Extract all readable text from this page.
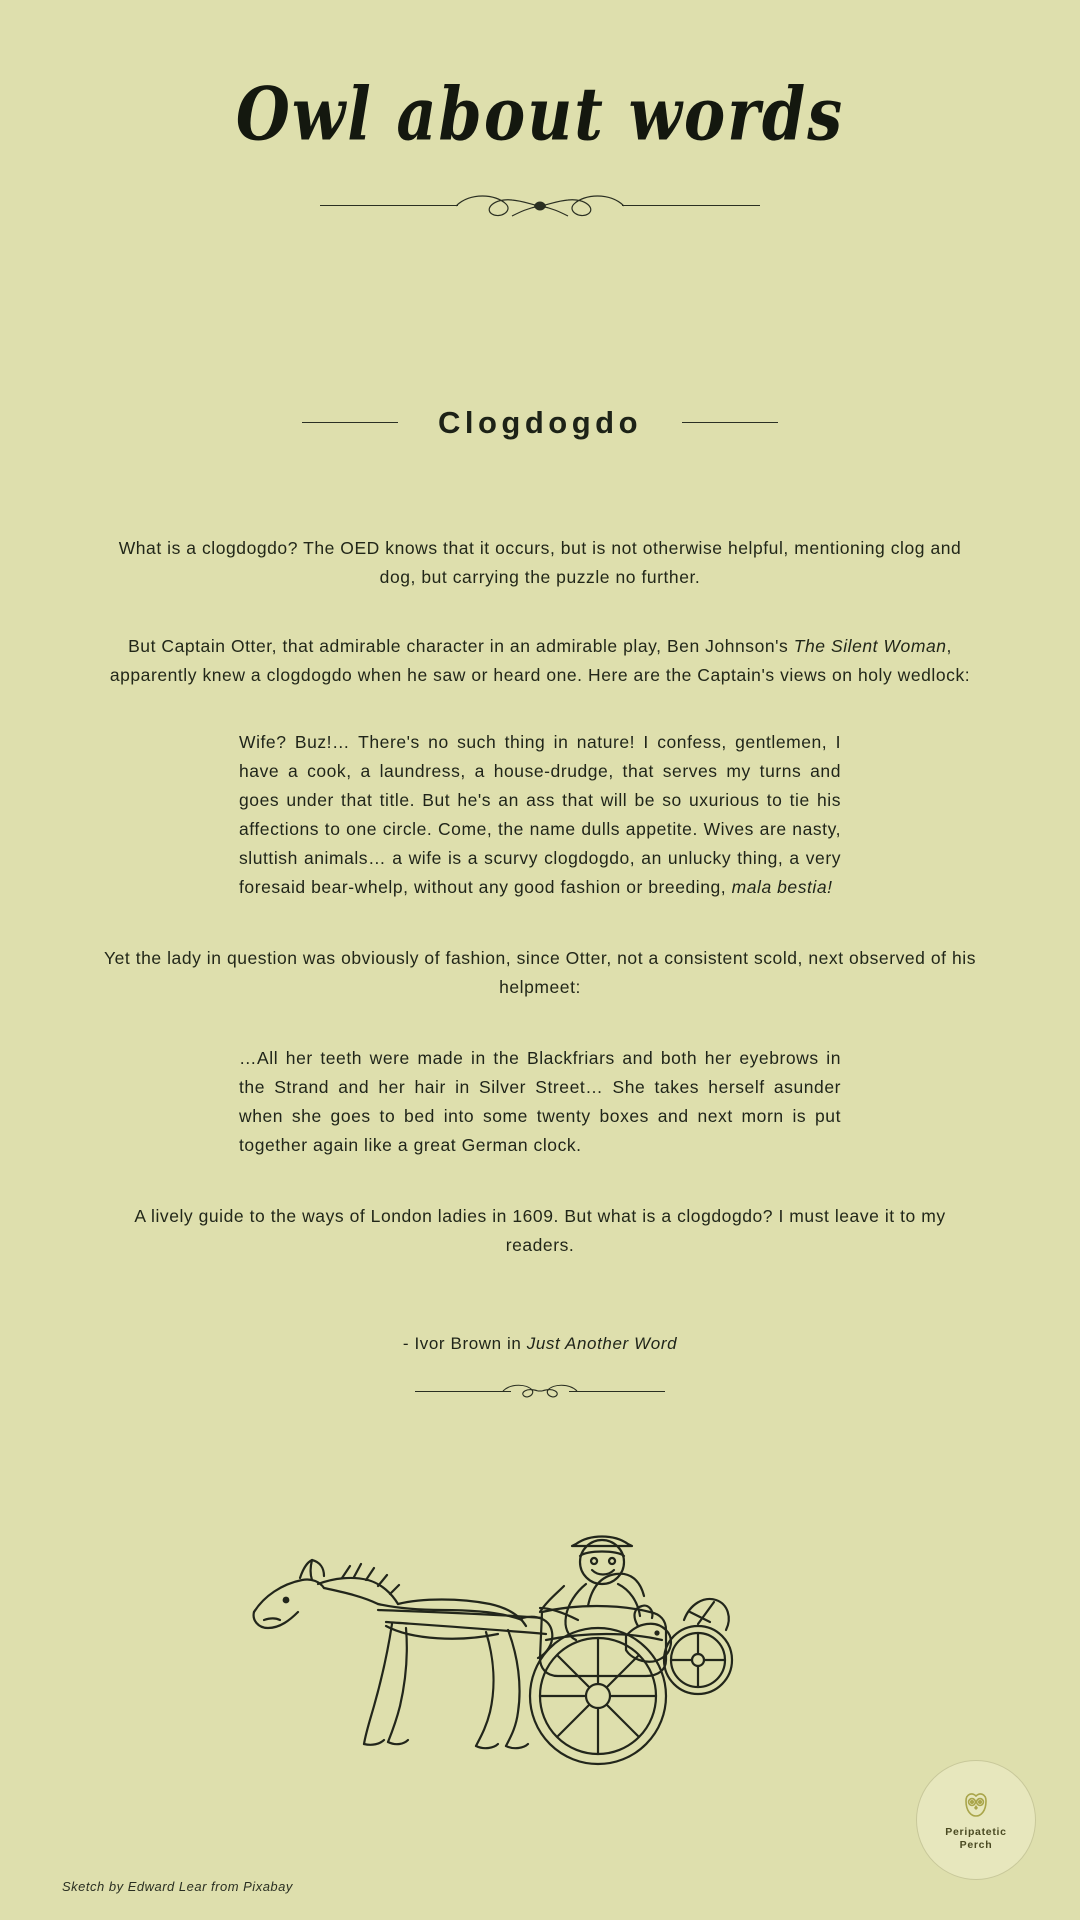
Owl about words
Clogdogdo

What is a clogdogdo? The OED knows that it occurs, but is not otherwise helpful, mentioning clog and dog, but carrying the puzzle no further.

But Captain Otter, that admirable character in an admirable play, Ben Johnson's The Silent Woman, apparently knew a clogdogdo when he saw or heard one. Here are the Captain's views on holy wedlock:

Wife? Buz!… There's no such thing in nature! I confess, gentlemen, I have a cook, a laundress, a house-drudge, that serves my turns and goes under that title. But he's an ass that will be so uxurious to tie his affections to one circle. Come, the name dulls appetite. Wives are nasty, sluttish animals… a wife is a scurvy clogdogdo, an unlucky thing, a very foresaid bear-whelp, without any good fashion or breeding, mala bestia!

Yet the lady in question was obviously of fashion, since Otter, not a consistent scold, next observed of his helpmeet:

…All her teeth were made in the Blackfriars and both her eyebrows in the Strand and her hair in Silver Street… She takes herself asunder when she goes to bed into some twenty boxes and next morn is put together again like a great German clock.

A lively guide to the ways of London ladies in 1609. But what is a clogdogdo? I must leave it to my readers.

- Ivor Brown in Just Another Word
Sketch by Edward Lear from Pixabay
Peripatetic
Perch
